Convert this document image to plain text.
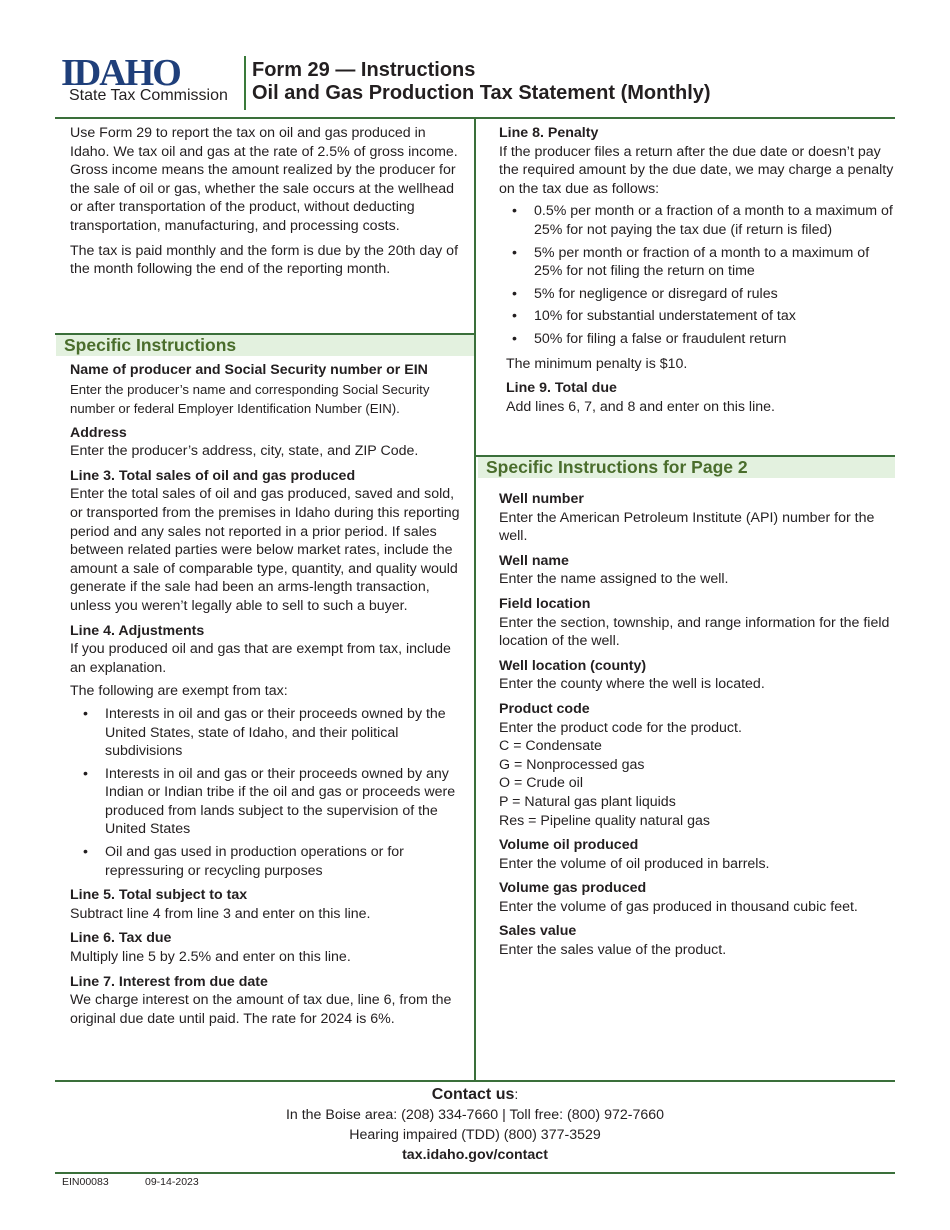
IDAHO
State Tax Commission
Form 29 — Instructions
Oil and Gas Production Tax Statement (Monthly)

Use Form 29 to report the tax on oil and gas produced in Idaho. We tax oil and gas at the rate of 2.5% of gross income. Gross income means the amount realized by the producer for the sale of oil or gas, whether the sale occurs at the wellhead or after transportation of the product, without deducting transportation, manufacturing, and processing costs.

The tax is paid monthly and the form is due by the 20th day of the month following the end of the reporting month.

Specific Instructions
Name of producer and Social Security number or EIN
Enter the producer’s name and corresponding Social Security number or federal Employer Identification Number (EIN).
Address
Enter the producer’s address, city, state, and ZIP Code.
Line 3. Total sales of oil and gas produced
Enter the total sales of oil and gas produced, saved and sold, or transported from the premises in Idaho during this reporting period and any sales not reported in a prior period. If sales between related parties were below market rates, include the amount a sale of comparable type, quantity, and quality would generate if the sale had been an arms-length transaction, unless you weren’t legally able to sell to such a buyer.
Line 4. Adjustments
If you produced oil and gas that are exempt from tax, include an explanation.
The following are exempt from tax:
• Interests in oil and gas or their proceeds owned by the United States, state of Idaho, and their political subdivisions
• Interests in oil and gas or their proceeds owned by any Indian or Indian tribe if the oil and gas or proceeds were produced from lands subject to the supervision of the United States
• Oil and gas used in production operations or for repressuring or recycling purposes
Line 5. Total subject to tax
Subtract line 4 from line 3 and enter on this line.
Line 6. Tax due
Multiply line 5 by 2.5% and enter on this line.
Line 7. Interest from due date
We charge interest on the amount of tax due, line 6, from the original due date until paid. The rate for 2024 is 6%.
Line 8. Penalty
If the producer files a return after the due date or doesn’t pay the required amount by the due date, we may charge a penalty on the tax due as follows:
• 0.5% per month or a fraction of a month to a maximum of 25% for not paying the tax due (if return is filed)
• 5% per month or fraction of a month to a maximum of 25% for not filing the return on time
• 5% for negligence or disregard of rules
• 10% for substantial understatement of tax
• 50% for filing a false or fraudulent return
The minimum penalty is $10.
Line 9. Total due
Add lines 6, 7, and 8 and enter on this line.
Specific Instructions for Page 2
Well number
Enter the American Petroleum Institute (API) number for the well.
Well name
Enter the name assigned to the well.
Field location
Enter the section, township, and range information for the field location of the well.
Well location (county)
Enter the county where the well is located.
Product code
Enter the product code for the product.
C = Condensate
G = Nonprocessed gas
O = Crude oil
P = Natural gas plant liquids
Res = Pipeline quality natural gas
Volume oil produced
Enter the volume of oil produced in barrels.
Volume gas produced
Enter the volume of gas produced in thousand cubic feet.
Sales value
Enter the sales value of the product.
Contact us:
In the Boise area: (208) 334-7660 | Toll free: (800) 972-7660
Hearing impaired (TDD) (800) 377-3529
tax.idaho.gov/contact
EIN00083	09-14-2023
